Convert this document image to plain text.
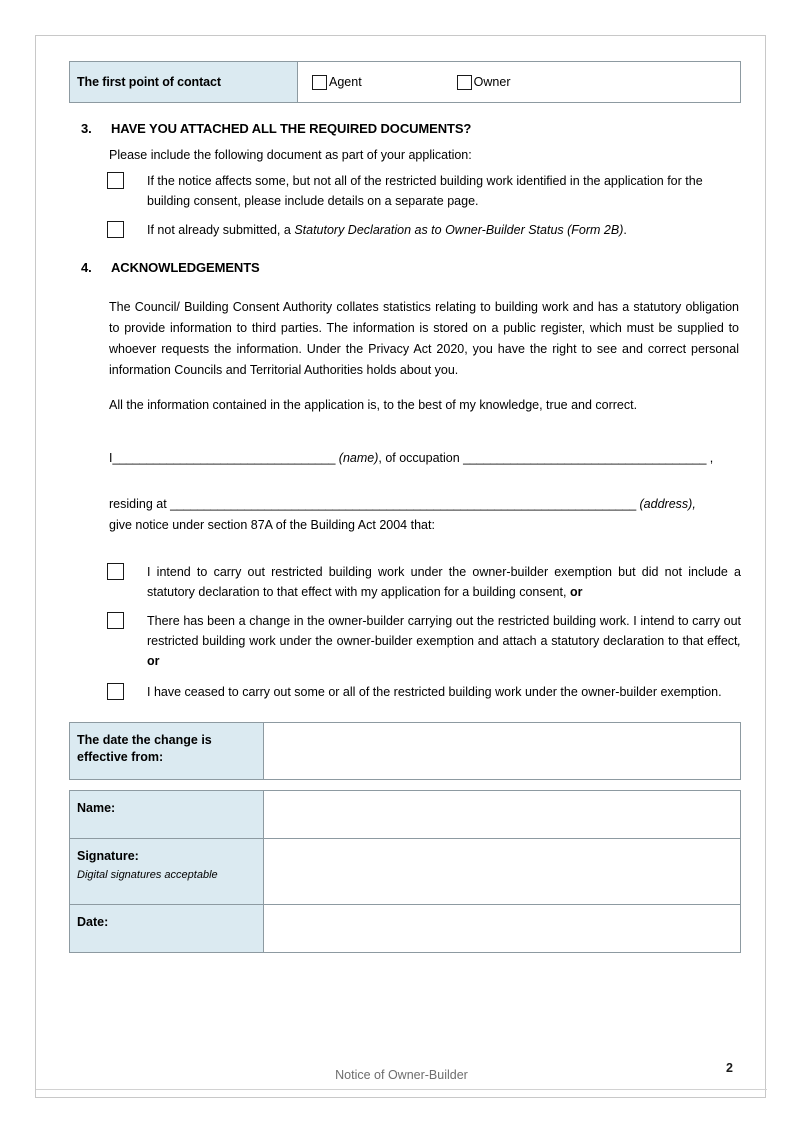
The first point of contact	Agent	Owner
3.	HAVE YOU ATTACHED ALL THE REQUIRED DOCUMENTS?
Please include the following document as part of your application:
If the notice affects some, but not all of the restricted building work identified in the application for the building consent, please include details on a separate page.
If not already submitted, a Statutory Declaration as to Owner-Builder Status (Form 2B).
4.	ACKNOWLEDGEMENTS
The Council/ Building Consent Authority collates statistics relating to building work and has a statutory obligation to provide information to third parties. The information is stored on a public register, which must be supplied to whoever requests the information. Under the Privacy Act 2020, you have the right to see and correct personal information Councils and Territorial Authorities holds about you.
All the information contained in the application is, to the best of my knowledge, true and correct.
I_________________________________ (name), of occupation ____________________________________ ,
residing at _____________________________________________________________________ (address),
give notice under section 87A of the Building Act 2004 that:
I intend to carry out restricted building work under the owner-builder exemption but did not include a statutory declaration to that effect with my application for a building consent, or
There has been a change in the owner-builder carrying out the restricted building work. I intend to carry out restricted building work under the owner-builder exemption and attach a statutory declaration to that effect, or
I have ceased to carry out some or all of the restricted building work under the owner-builder exemption.
The date the change is effective from:	
Name:	
Signature:
Digital signatures acceptable	

Date:	
2
Notice of Owner-Builder
